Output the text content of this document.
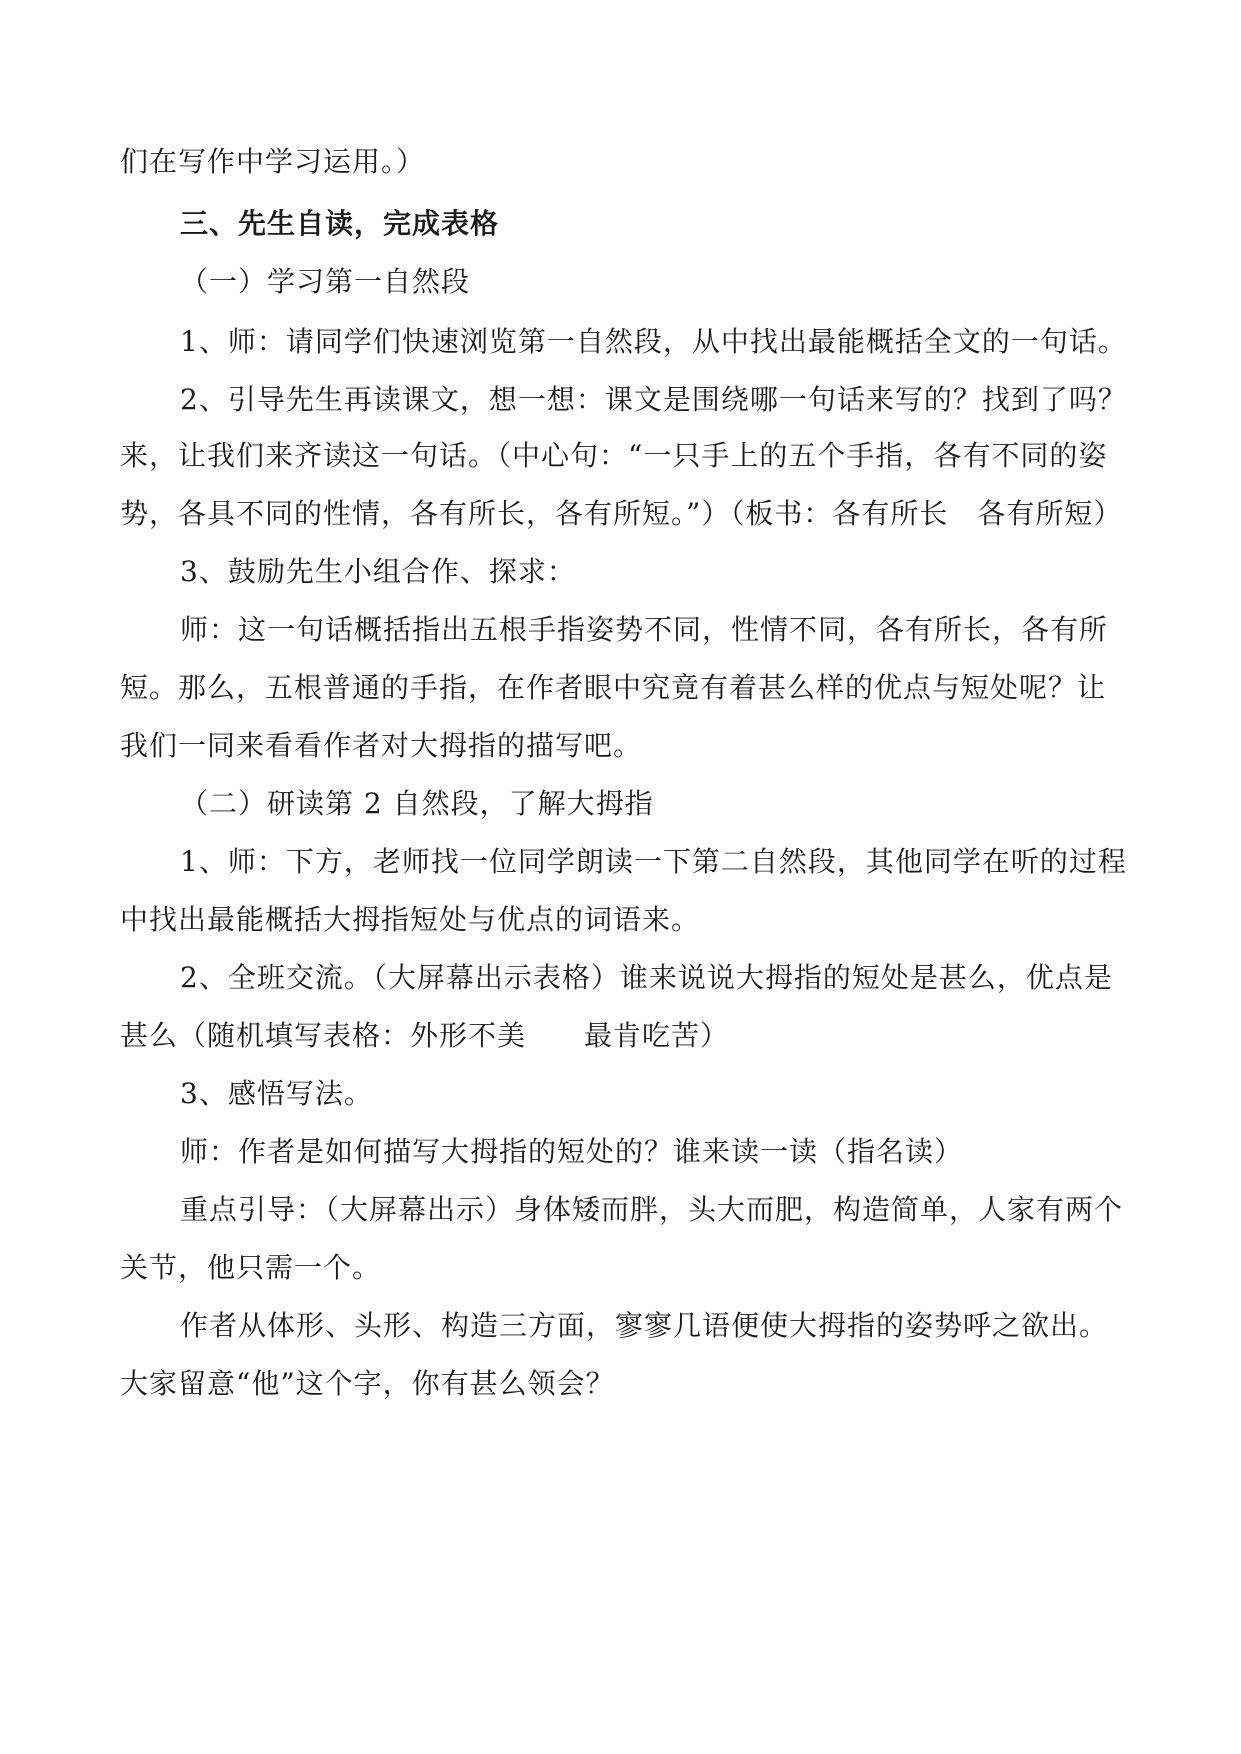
们在写作中学习运用。）
三、先生自读，完成表格
（一）学习第一自然段
1、师：请同学们快速浏览第一自然段，从中找出最能概括全文的一句话。
2、引导先生再读课文，想一想：课文是围绕哪一句话来写的？找到了吗？
来，让我们来齐读这一句话。（中心句：“一只手上的五个手指，各有不同的姿
势，各具不同的性情，各有所长，各有所短。”）（板书：各有所长　各有所短）
3、鼓励先生小组合作、探求：
师：这一句话概括指出五根手指姿势不同，性情不同，各有所长，各有所
短。那么，五根普通的手指，在作者眼中究竟有着甚么样的优点与短处呢？让
我们一同来看看作者对大拇指的描写吧。
（二）研读第 2 自然段，了解大拇指
1、师：下方，老师找一位同学朗读一下第二自然段，其他同学在听的过程
中找出最能概括大拇指短处与优点的词语来。
2、全班交流。（大屏幕出示表格）谁来说说大拇指的短处是甚么，优点是
甚么（随机填写表格：外形不美　　最肯吃苦）
3、感悟写法。
师：作者是如何描写大拇指的短处的？谁来读一读（指名读）
重点引导：（大屏幕出示）身体矮而胖，头大而肥，构造简单，人家有两个
关节，他只需一个。
作者从体形、头形、构造三方面，寥寥几语便使大拇指的姿势呼之欲出。
大家留意“他”这个字，你有甚么领会？
